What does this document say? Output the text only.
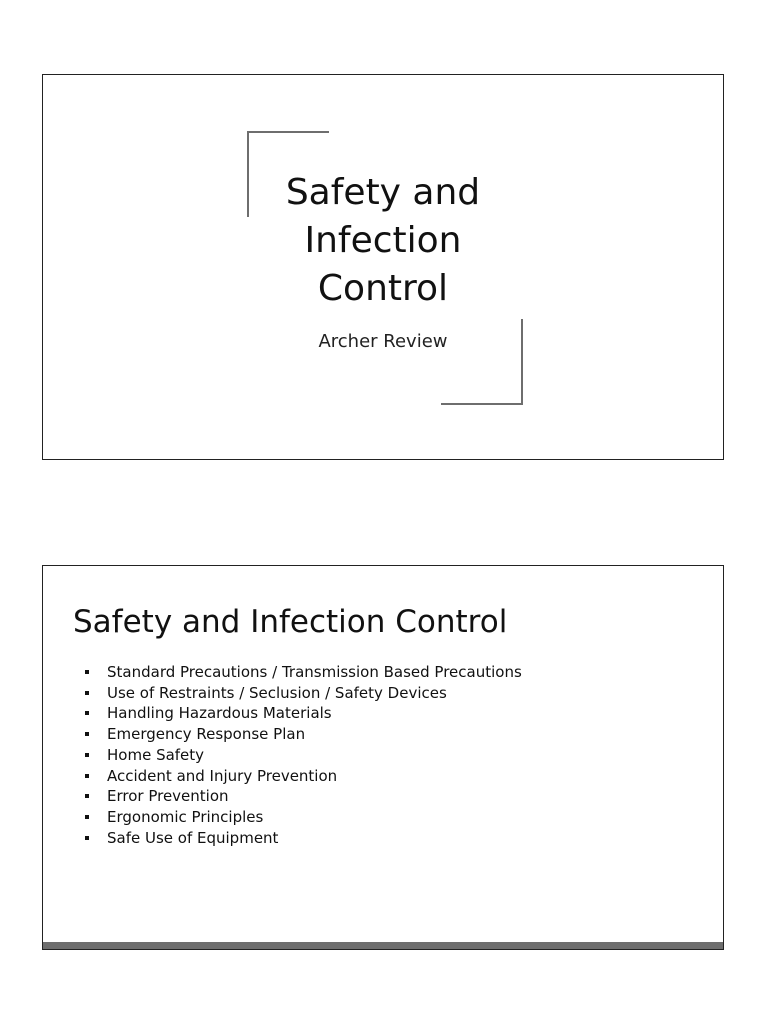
Safety and
Infection
Control
Archer Review
Safety and Infection Control
Standard Precautions / Transmission Based Precautions
Use of Restraints / Seclusion / Safety Devices
Handling Hazardous Materials
Emergency Response Plan
Home Safety
Accident and Injury Prevention
Error Prevention
Ergonomic Principles
Safe Use of Equipment
